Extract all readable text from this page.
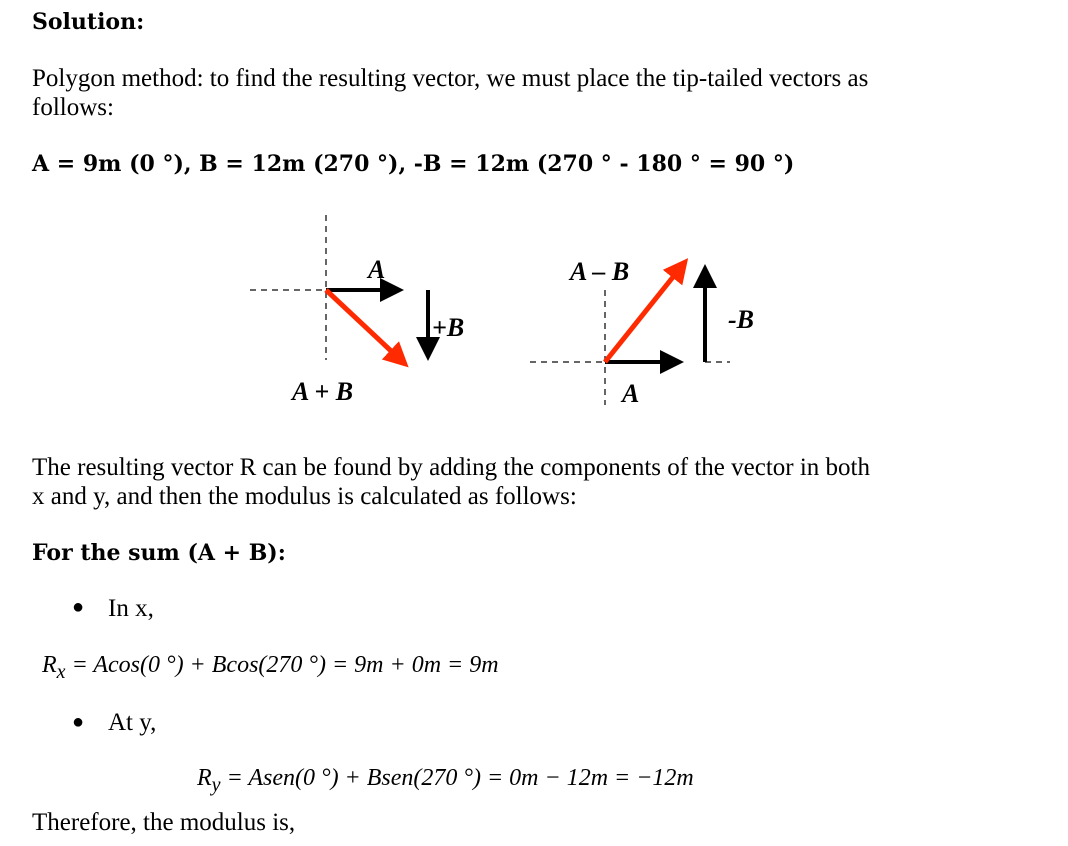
Solution:
Polygon method: to find the resulting vector, we must place the tip-tailed vectors as
follows:
A = 9m (0 °), B = 12m (270 °), -B = 12m (270 ° - 180 ° = 90 °)
A
+B
A + B
A – B
-B
A
The resulting vector R can be found by adding the components of the vector in both
x and y, and then the modulus is calculated as follows:
For the sum (A + B):
● In x,
$R_x = Acos(0$ °) + Bcos(270 °) = 9m + 0m = 9m
● At y,
$R_y$ = Asen(0 °) + Bsen(270 °) = 0m − 12m = −12m
Therefore, the modulus is,
